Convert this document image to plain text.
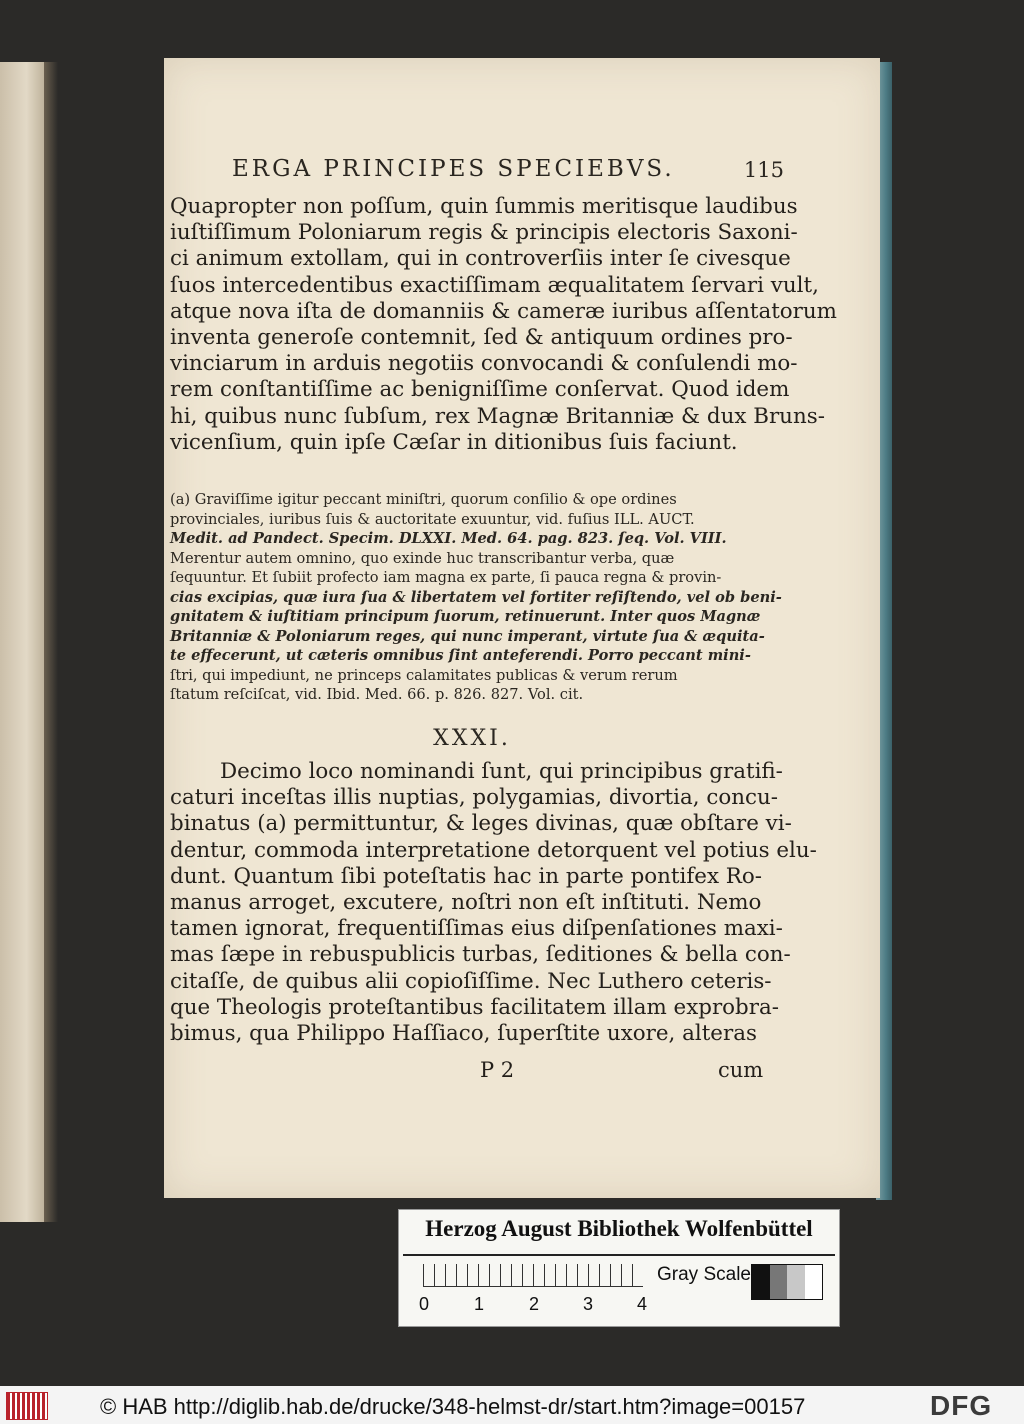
ERGA PRINCIPES SPECIEBVS.	115
Quapropter non poſſum, quin ſummis meritisque laudibus
iuſtiſſimum Poloniarum regis & principis electoris Saxoni-
ci animum extollam, qui in controverſiis inter ſe civesque
ſuos intercedentibus exactiſſimam æqualitatem ſervari vult,
atque nova iſta de domanniis & cameræ iuribus aſſentatorum
inventa generoſe contemnit, ſed & antiquum ordines pro-
vinciarum in arduis negotiis convocandi & conſulendi mo-
rem conſtantiſſime ac benigniſſime conſervat. Quod idem
hi, quibus nunc ſubſum, rex Magnæ Britanniæ & dux Bruns-
vicenſium, quin ipſe Cæſar in ditionibus ſuis faciunt.
(a) Graviſſime igitur peccant miniſtri, quorum conſilio & ope ordines
provinciales, iuribus ſuis & auctoritate exuuntur, vid. fuſius ILL. AUCT.
Medit. ad Pandect. Specim. DLXXI. Med. 64. pag. 823. ſeq. Vol. VIII.
Merentur autem omnino, quo exinde huc transcribantur verba, quæ
ſequuntur. Et ſubiit profecto iam magna ex parte, ſi pauca regna & provin-
cias excipias, quæ iura ſua & libertatem vel fortiter reſiſtendo, vel ob beni-
gnitatem & iuſtitiam principum ſuorum, retinuerunt. Inter quos Magnæ
Britanniæ & Poloniarum reges, qui nunc imperant, virtute ſua & æquita-
te effecerunt, ut cæteris omnibus ſint anteferendi. Porro peccant mini-
ſtri, qui impediunt, ne princeps calamitates publicas & verum rerum
ſtatum reſciſcat, vid. Ibid. Med. 66. p. 826. 827. Vol. cit.
XXXI.
Decimo loco nominandi ſunt, qui principibus gratifi-
caturi inceſtas illis nuptias, polygamias, divortia, concu-
binatus (a) permittuntur, & leges divinas, quæ obſtare vi-
dentur, commoda interpretatione detorquent vel potius elu-
dunt. Quantum ſibi poteſtatis hac in parte pontifex Ro-
manus arroget, excutere, noſtri non eſt inſtituti. Nemo
tamen ignorat, frequentiſſimas eius diſpenſationes maxi-
mas ſæpe in rebuspublicis turbas, ſeditiones & bella con-
citaſſe, de quibus alii copioſiſſime. Nec Luthero ceteris-
que Theologis proteſtantibus facilitatem illam exprobra-
bimus, qua Philippo Haſſiaco, ſuperſtite uxore, alteras
P 2	cum
Herzog August Bibliothek Wolfenbüttel
0 1 2 3 4
Gray Scale
© HAB http://diglib.hab.de/drucke/348-helmst-dr/start.htm?image=00157	DFG
